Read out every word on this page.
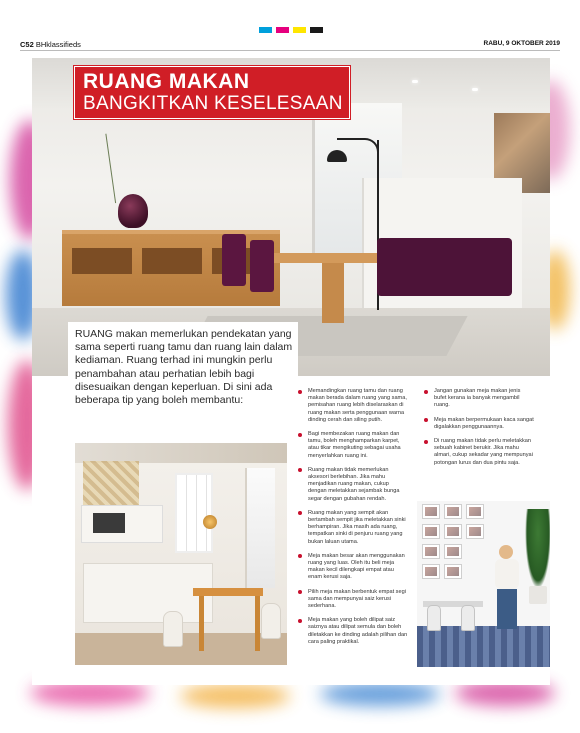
C52 BHklassifieds	RABU, 9 OKTOBER 2019
RUANG MAKAN
BANGKITKAN KESELESAAN

RUANG makan memerlukan pendekatan yang sama seperti ruang tamu dan ruang lain dalam kediaman. Ruang terhad ini mungkin perlu penambahan atau perhatian lebih bagi disesuaikan dengan keperluan. Di sini ada beberapa tip yang boleh membantu:

Memandingkan ruang tamu dan ruang makan berada dalam ruang yang sama, pemisahan ruang lebih diselaraskan di ruang makan serta penggunaan warna dinding cerah dan siling putih.
Bagi membezakan ruang makan dan tamu, boleh menghamparkan karpet, atau tikar mengikuting sebagai usaha menyerlahkan ruang ini.
Ruang makan tidak memerlukan aksesori berlebihan. Jika mahu menjadikan ruang makan, cukup dengan meletakkan sejambak bunga segar dengan gubahan rendah.
Ruang makan yang sempit akan bertambah sempit jika meletakkan sinki berhampiran. Jika masih ada ruang, tempatkan sinki di penjuru ruang yang bukan laluan utama.
Meja makan besar akan menggunakan ruang yang luas. Oleh itu beli meja makan kecil dilengkapi empat atau enam kerusi saja.
Pilih meja makan berbentuk empat segi sama dan mempunyai saiz kerusi sederhana.
Meja makan yang boleh dilipat saiz saiznya atau dilipat semula dan boleh diletakkan ke dinding adalah pilihan dan cara paling praktikal.
Jangan gunakan meja makan jenis bufet kerana ia banyak mengambil ruang.
Meja makan berpermukaan kaca sangat digalakkan penggunaannya.
Di ruang makan tidak perlu meletakkan sebuah kabinet berukir. Jika mahu almari, cukup sekadar yang mempunyai potongan lurus dan dua pintu saja.
